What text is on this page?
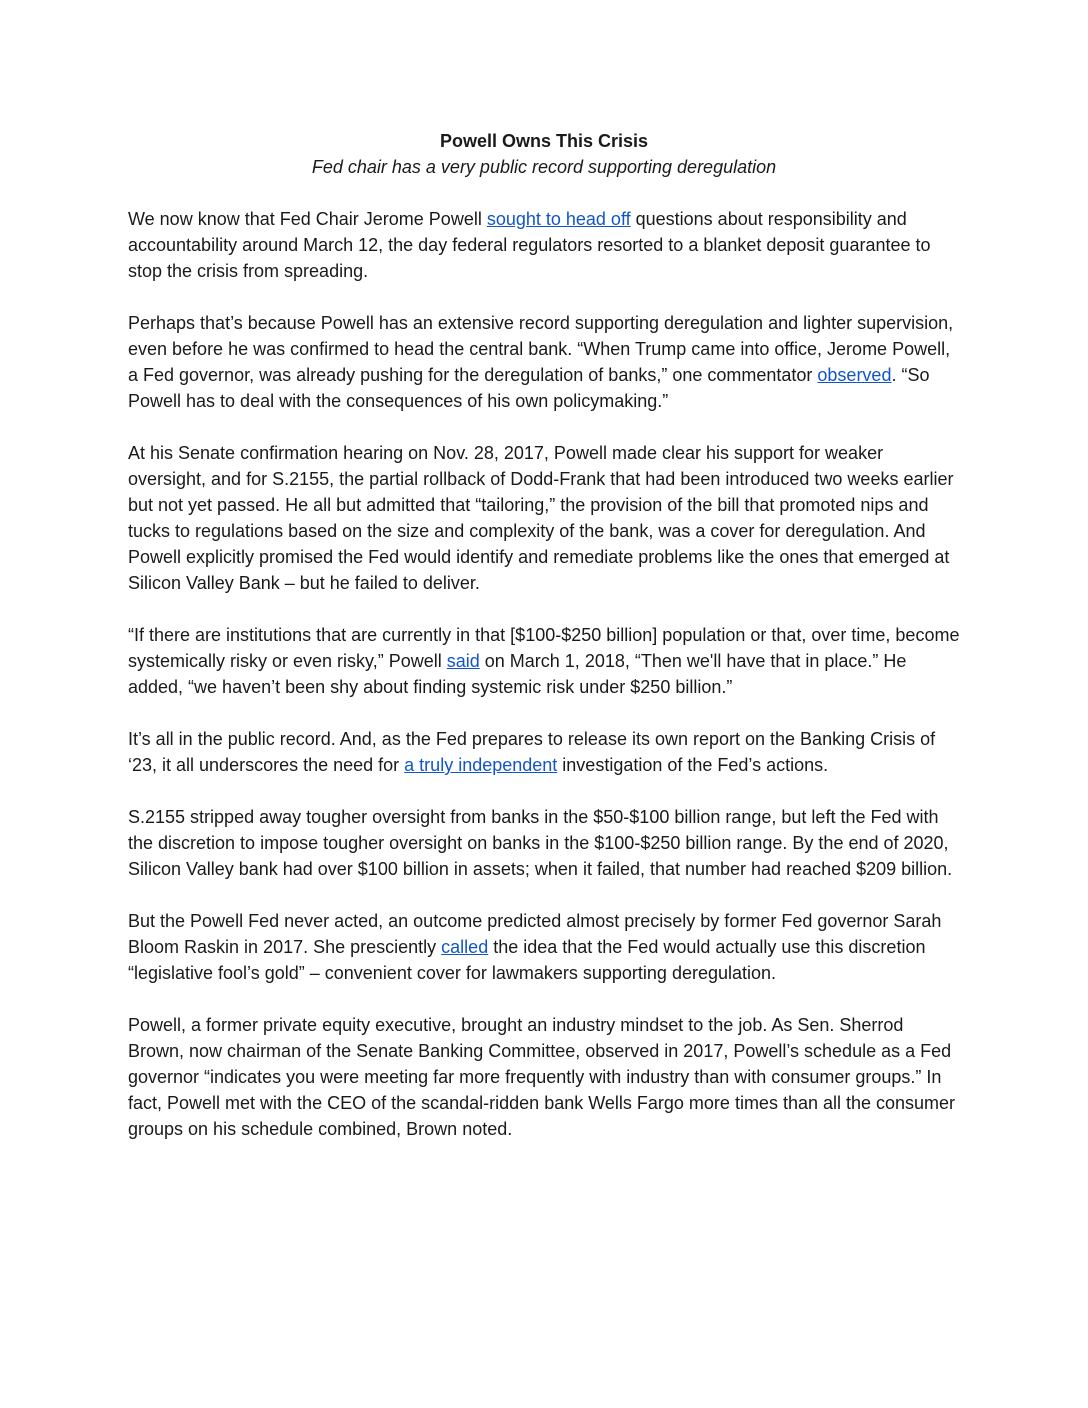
Powell Owns This Crisis

Fed chair has a very public record supporting deregulation

We now know that Fed Chair Jerome Powell sought to head off questions about responsibility and accountability around March 12, the day federal regulators resorted to a blanket deposit guarantee to stop the crisis from spreading.

Perhaps that’s because Powell has an extensive record supporting deregulation and lighter supervision, even before he was confirmed to head the central bank. “When Trump came into office, Jerome Powell, a Fed governor, was already pushing for the deregulation of banks,” one commentator observed. “So Powell has to deal with the consequences of his own policymaking.”

At his Senate confirmation hearing on Nov. 28, 2017, Powell made clear his support for weaker oversight, and for S.2155, the partial rollback of Dodd-Frank that had been introduced two weeks earlier but not yet passed. He all but admitted that “tailoring,” the provision of the bill that promoted nips and tucks to regulations based on the size and complexity of the bank, was a cover for deregulation. And Powell explicitly promised the Fed would identify and remediate problems like the ones that emerged at Silicon Valley Bank – but he failed to deliver.

“If there are institutions that are currently in that [$100-$250 billion] population or that, over time, become systemically risky or even risky,” Powell said on March 1, 2018, “Then we'll have that in place.” He added, “we haven’t been shy about finding systemic risk under $250 billion.”

It’s all in the public record. And, as the Fed prepares to release its own report on the Banking Crisis of ‘23, it all underscores the need for a truly independent investigation of the Fed’s actions.

S.2155 stripped away tougher oversight from banks in the $50-$100 billion range, but left the Fed with the discretion to impose tougher oversight on banks in the $100-$250 billion range. By the end of 2020, Silicon Valley bank had over $100 billion in assets; when it failed, that number had reached $209 billion.

But the Powell Fed never acted, an outcome predicted almost precisely by former Fed governor Sarah Bloom Raskin in 2017. She presciently called the idea that the Fed would actually use this discretion “legislative fool’s gold” – convenient cover for lawmakers supporting deregulation.

Powell, a former private equity executive, brought an industry mindset to the job. As Sen. Sherrod Brown, now chairman of the Senate Banking Committee, observed in 2017, Powell’s schedule as a Fed governor “indicates you were meeting far more frequently with industry than with consumer groups.” In fact, Powell met with the CEO of the scandal-ridden bank Wells Fargo more times than all the consumer groups on his schedule combined, Brown noted.
